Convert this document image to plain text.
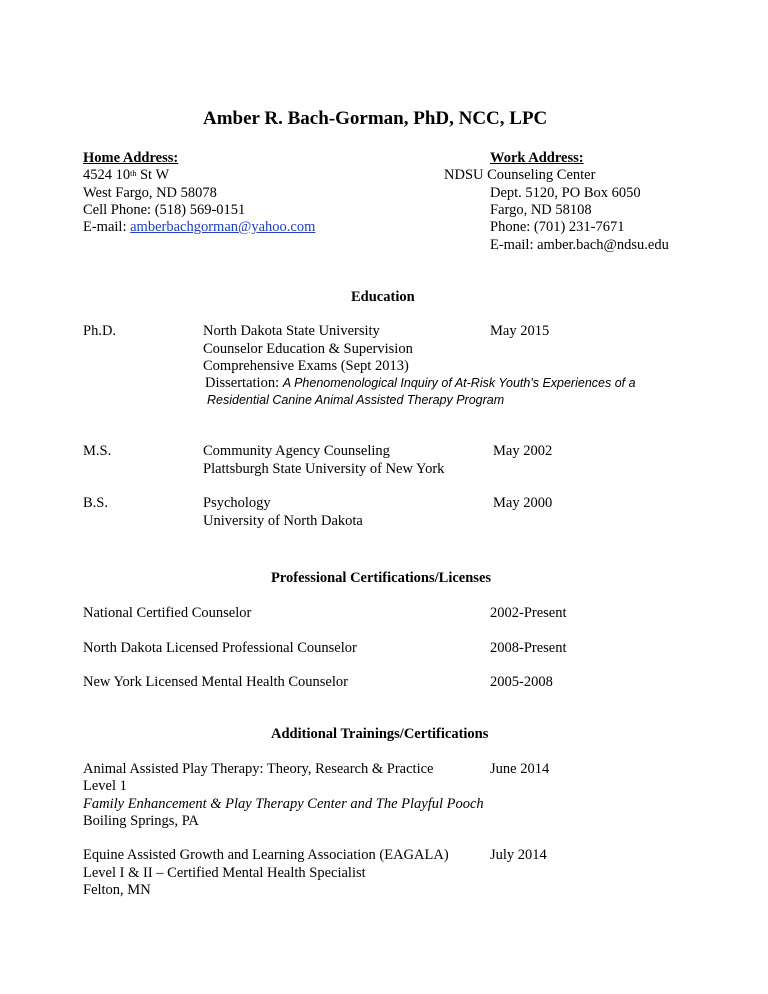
Amber R. Bach-Gorman, PhD, NCC, LPC
Home Address:
4524 10th St W
West Fargo, ND 58078
Cell Phone: (518) 569-0151
E-mail: amberbachgorman@yahoo.com
Work Address:
NDSU Counseling Center
Dept. 5120, PO Box 6050
Fargo, ND 58108
Phone: (701) 231-7671
E-mail: amber.bach@ndsu.edu
Education
Ph.D.	North Dakota State University	May 2015
Counselor Education & Supervision
Comprehensive Exams (Sept 2013)
Dissertation: A Phenomenological Inquiry of At-Risk Youth's Experiences of a
Residential Canine Animal Assisted Therapy Program
M.S.	Community Agency Counseling	May 2002
Plattsburgh State University of New York
B.S.	Psychology	May 2000
University of North Dakota
Professional Certifications/Licenses
National Certified Counselor	2002-Present
North Dakota Licensed Professional Counselor	2008-Present
New York Licensed Mental Health Counselor	2005-2008
Additional Trainings/Certifications
Animal Assisted Play Therapy: Theory, Research & Practice	June 2014
Level 1
Family Enhancement & Play Therapy Center and The Playful Pooch
Boiling Springs, PA
Equine Assisted Growth and Learning Association (EAGALA)	July 2014
Level I & II – Certified Mental Health Specialist
Felton, MN
